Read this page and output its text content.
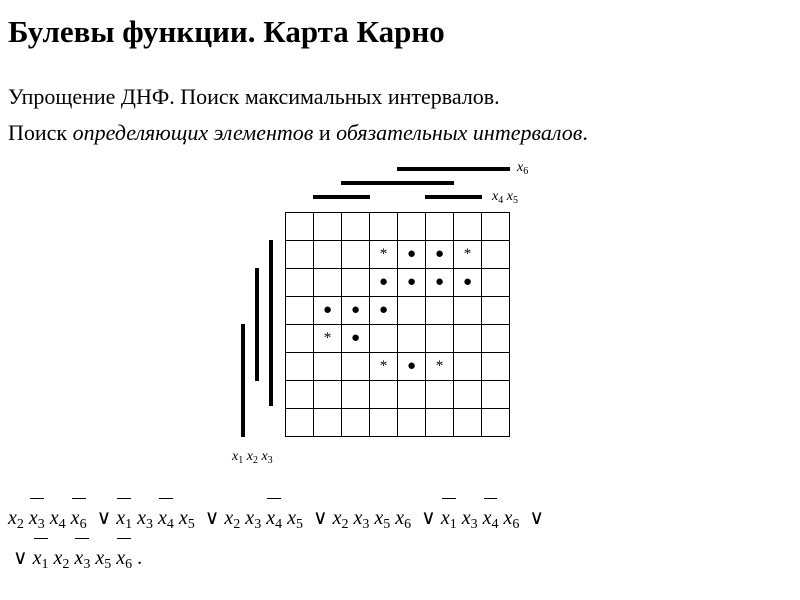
Булевы функции. Карта Карно
Упрощение ДНФ. Поиск максимальных интервалов.
Поиск определяющих элементов и обязательных интервалов.
$x_6$
$x_4$ $x_5$
$x_1$ $x_2$ $x_3$

			*	●	●	*	
			●	●	●	●	
	●	●	●				
	*	●					
			*	●	*		

$x_2$ $x_3$ $x_4$ $x_6$ ∨ $x_1$ $x_3$ $x_4$ $x_5$ ∨ $x_2$ $x_3$ $x_4$ $x_5$ ∨ $x_2$ $x_3$ $x_5$ $x_6$ ∨ $x_1$ $x_3$ $x_4$ $x_6$ ∨
∨ $x_1$ $x_2$ $x_3$ $x_5$ $x_6$ .
